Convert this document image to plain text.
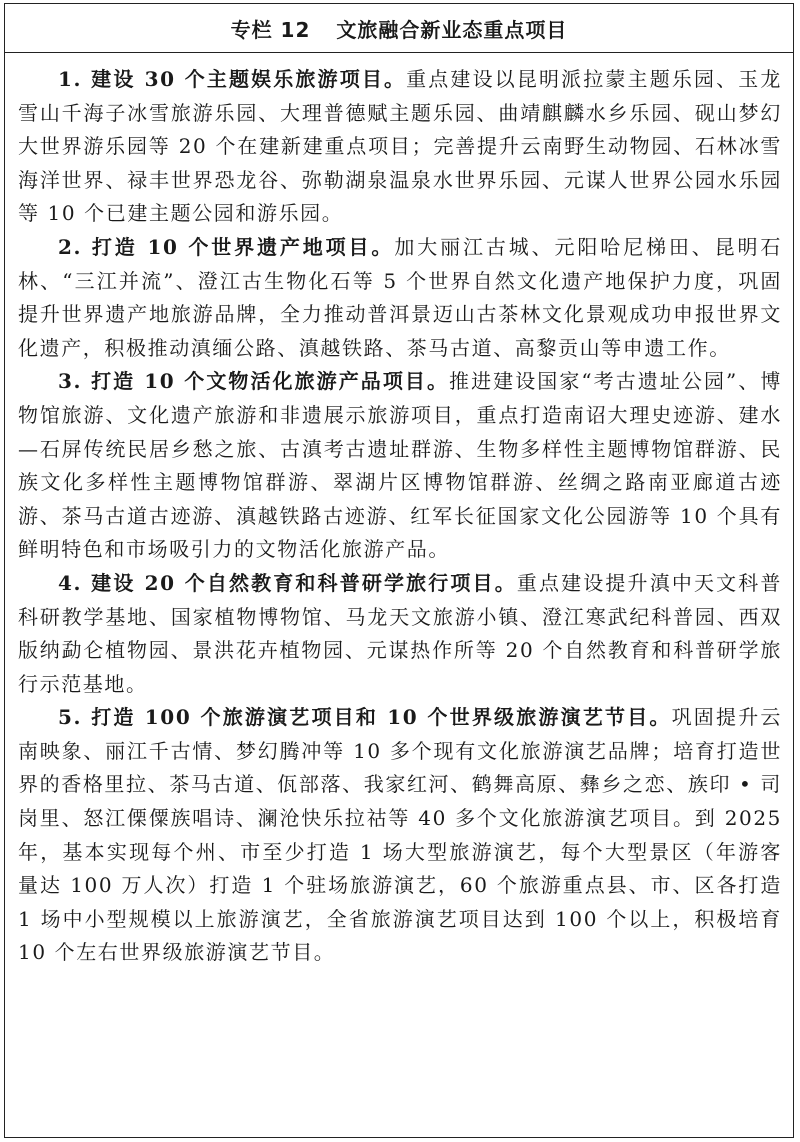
专栏 12 文旅融合新业态重点项目

1. 建设 30 个主题娱乐旅游项目。重点建设以昆明派拉蒙主题乐园、玉龙雪山千海子冰雪旅游乐园、大理普德赋主题乐园、曲靖麒麟水乡乐园、砚山梦幻大世界游乐园等 20 个在建新建重点项目；完善提升云南野生动物园、石林冰雪海洋世界、禄丰世界恐龙谷、弥勒湖泉温泉水世界乐园、元谋人世界公园水乐园等 10 个已建主题公园和游乐园。

2. 打造 10 个世界遗产地项目。加大丽江古城、元阳哈尼梯田、昆明石林、“三江并流”、澄江古生物化石等 5 个世界自然文化遗产地保护力度，巩固提升世界遗产地旅游品牌，全力推动普洱景迈山古茶林文化景观成功申报世界文化遗产，积极推动滇缅公路、滇越铁路、茶马古道、高黎贡山等申遗工作。

3. 打造 10 个文物活化旅游产品项目。推进建设国家“考古遗址公园”、博物馆旅游、文化遗产旅游和非遗展示旅游项目，重点打造南诏大理史迹游、建水—石屏传统民居乡愁之旅、古滇考古遗址群游、生物多样性主题博物馆群游、民族文化多样性主题博物馆群游、翠湖片区博物馆群游、丝绸之路南亚廊道古迹游、茶马古道古迹游、滇越铁路古迹游、红军长征国家文化公园游等 10 个具有鲜明特色和市场吸引力的文物活化旅游产品。

4. 建设 20 个自然教育和科普研学旅行项目。重点建设提升滇中天文科普科研教学基地、国家植物博物馆、马龙天文旅游小镇、澄江寒武纪科普园、西双版纳勐仑植物园、景洪花卉植物园、元谋热作所等 20 个自然教育和科普研学旅行示范基地。

5. 打造 100 个旅游演艺项目和 10 个世界级旅游演艺节目。巩固提升云南映象、丽江千古情、梦幻腾冲等 10 多个现有文化旅游演艺品牌；培育打造世界的香格里拉、茶马古道、佤部落、我家红河、鹤舞高原、彝乡之恋、族印 • 司岗里、怒江傈僳族唱诗、澜沧快乐拉祜等 40 多个文化旅游演艺项目。到 2025 年，基本实现每个州、市至少打造 1 场大型旅游演艺，每个大型景区（年游客量达 100 万人次）打造 1 个驻场旅游演艺，60 个旅游重点县、市、区各打造 1 场中小型规模以上旅游演艺，全省旅游演艺项目达到 100 个以上，积极培育 10 个左右世界级旅游演艺节目。
